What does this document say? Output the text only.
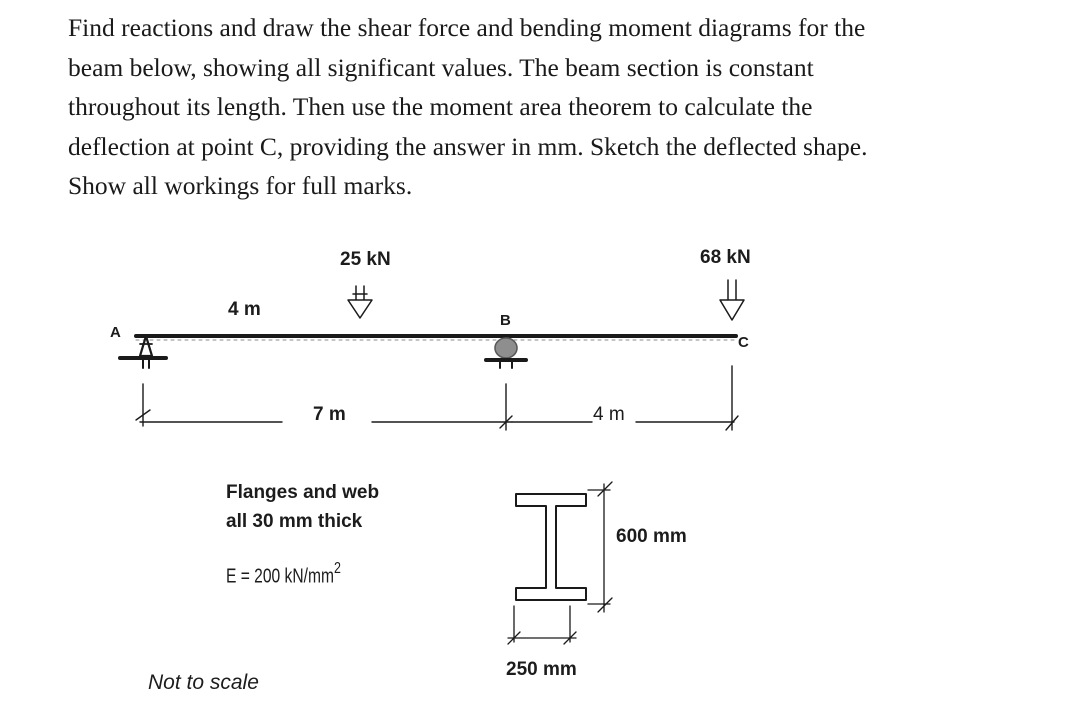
Find reactions and draw the shear force and bending moment diagrams for the
beam below, showing all significant values. The beam section is constant
throughout its length. Then use the moment area theorem to calculate the
deflection at point C, providing the answer in mm. Sketch the deflected shape.
Show all workings for full marks.
25 kN	68 kN
4 m
A
B
C
7 m	4 m
Flanges and web
all 30 mm thick
E = 200 $kN/mm^2$
600 mm
250 mm
Not to scale
